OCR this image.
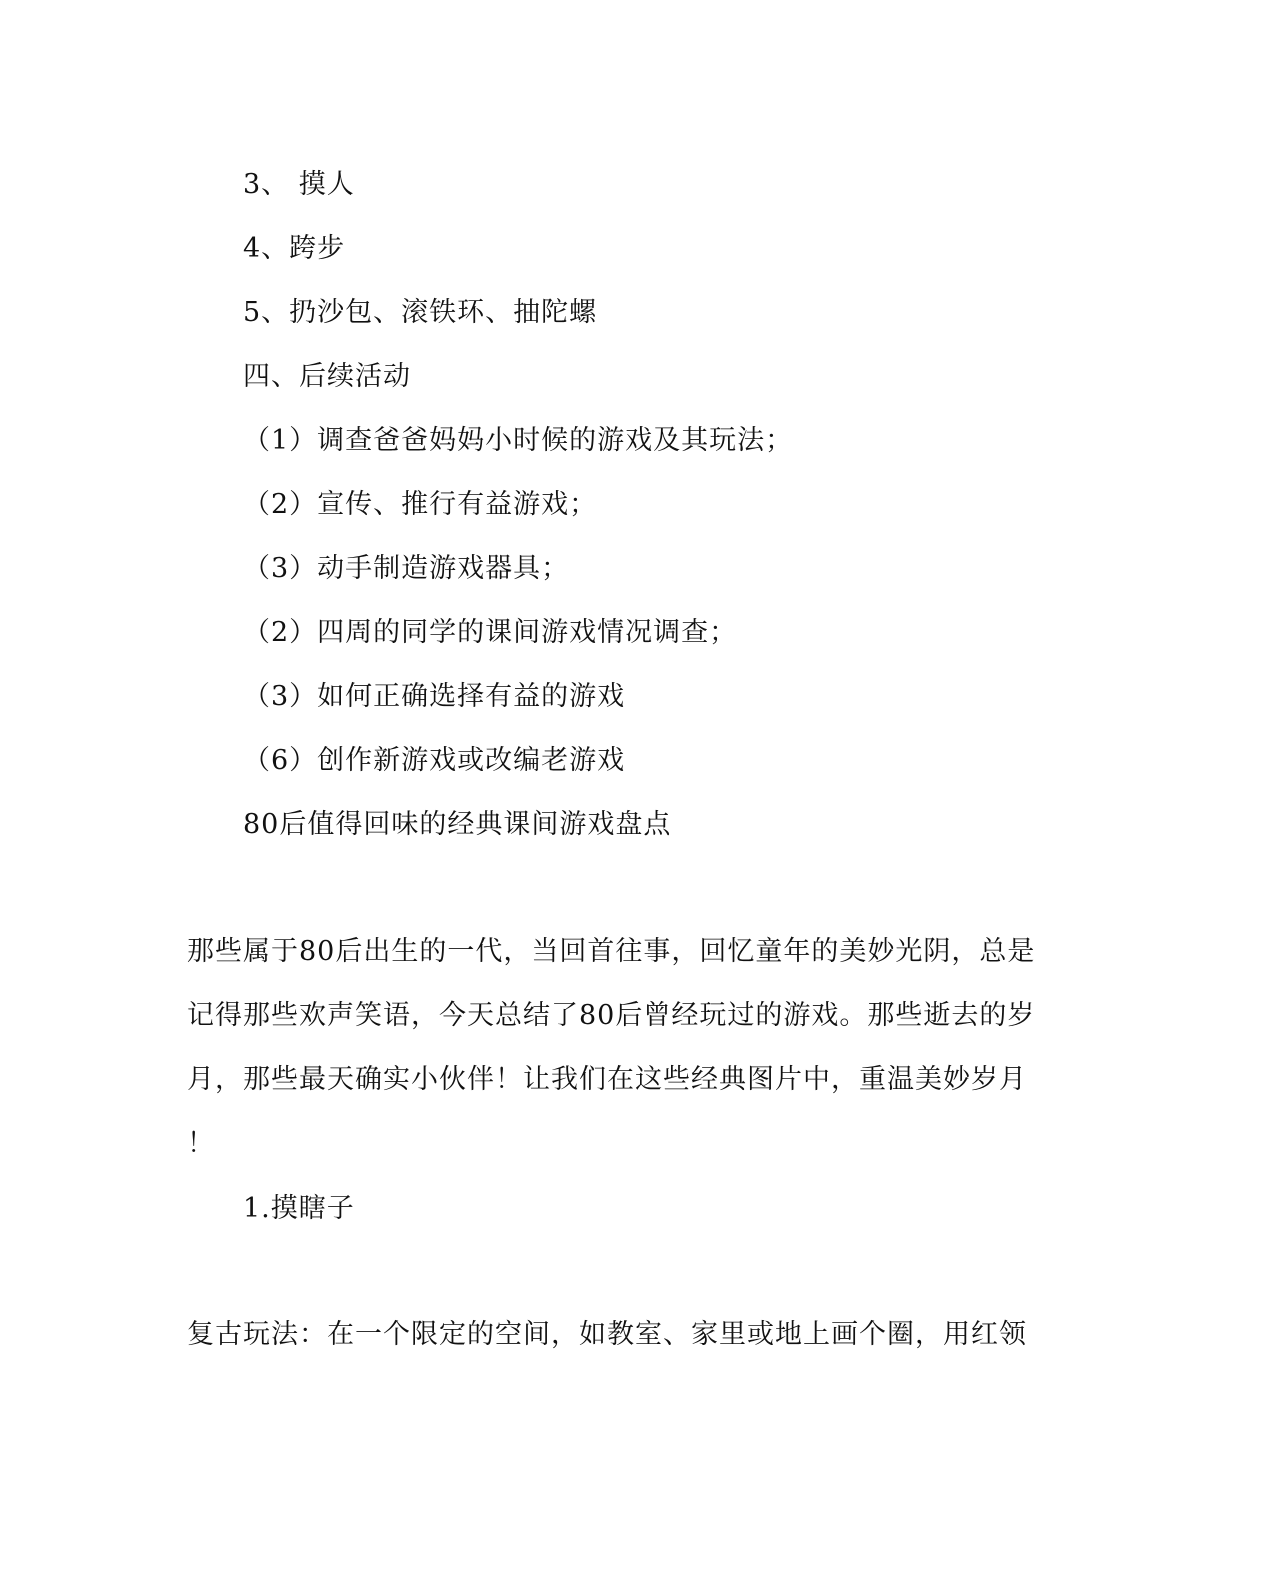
3、 摸人
4、跨步
5、扔沙包、滚铁环、抽陀螺
四、后续活动
（1）调查爸爸妈妈小时候的游戏及其玩法；
（2）宣传、推行有益游戏；
（3）动手制造游戏器具；
（2）四周的同学的课间游戏情况调查；
（3）如何正确选择有益的游戏
（6）创作新游戏或改编老游戏
80后值得回味的经典课间游戏盘点
那些属于80后出生的一代，当回首往事，回忆童年的美妙光阴，总是
记得那些欢声笑语，今天总结了80后曾经玩过的游戏。那些逝去的岁
月，那些最天确实小伙伴！让我们在这些经典图片中，重温美妙岁月
！
1.摸瞎子
复古玩法：在一个限定的空间，如教室、家里或地上画个圈，用红领
